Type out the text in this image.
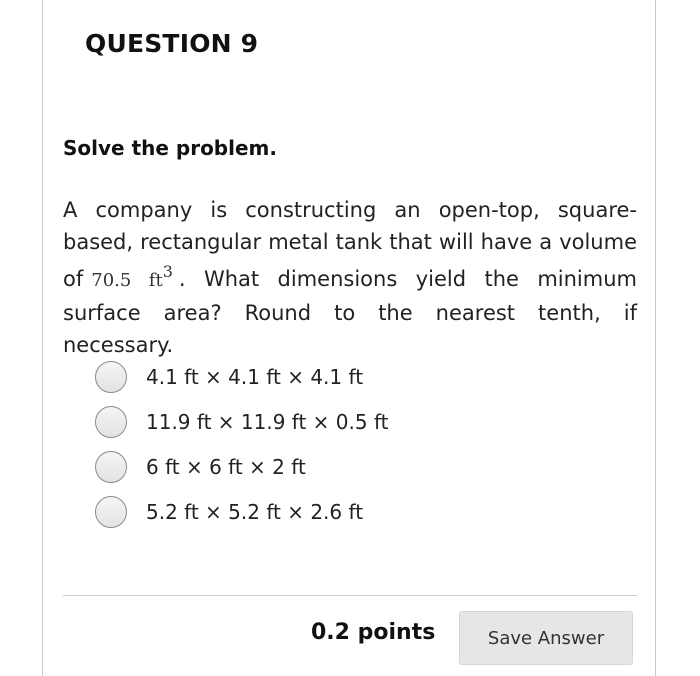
QUESTION 9
Solve the problem.

A company is constructing an open-top, square-based, rectangular metal tank that will have a volume of 70.5 $ft^3$ . What dimensions yield the minimum surface area? Round to the nearest tenth, if necessary.

4.1 ft × 4.1 ft × 4.1 ft
11.9 ft × 11.9 ft × 0.5 ft
6 ft × 6 ft × 2 ft
5.2 ft × 5.2 ft × 2.6 ft
0.2 points	Save Answer
